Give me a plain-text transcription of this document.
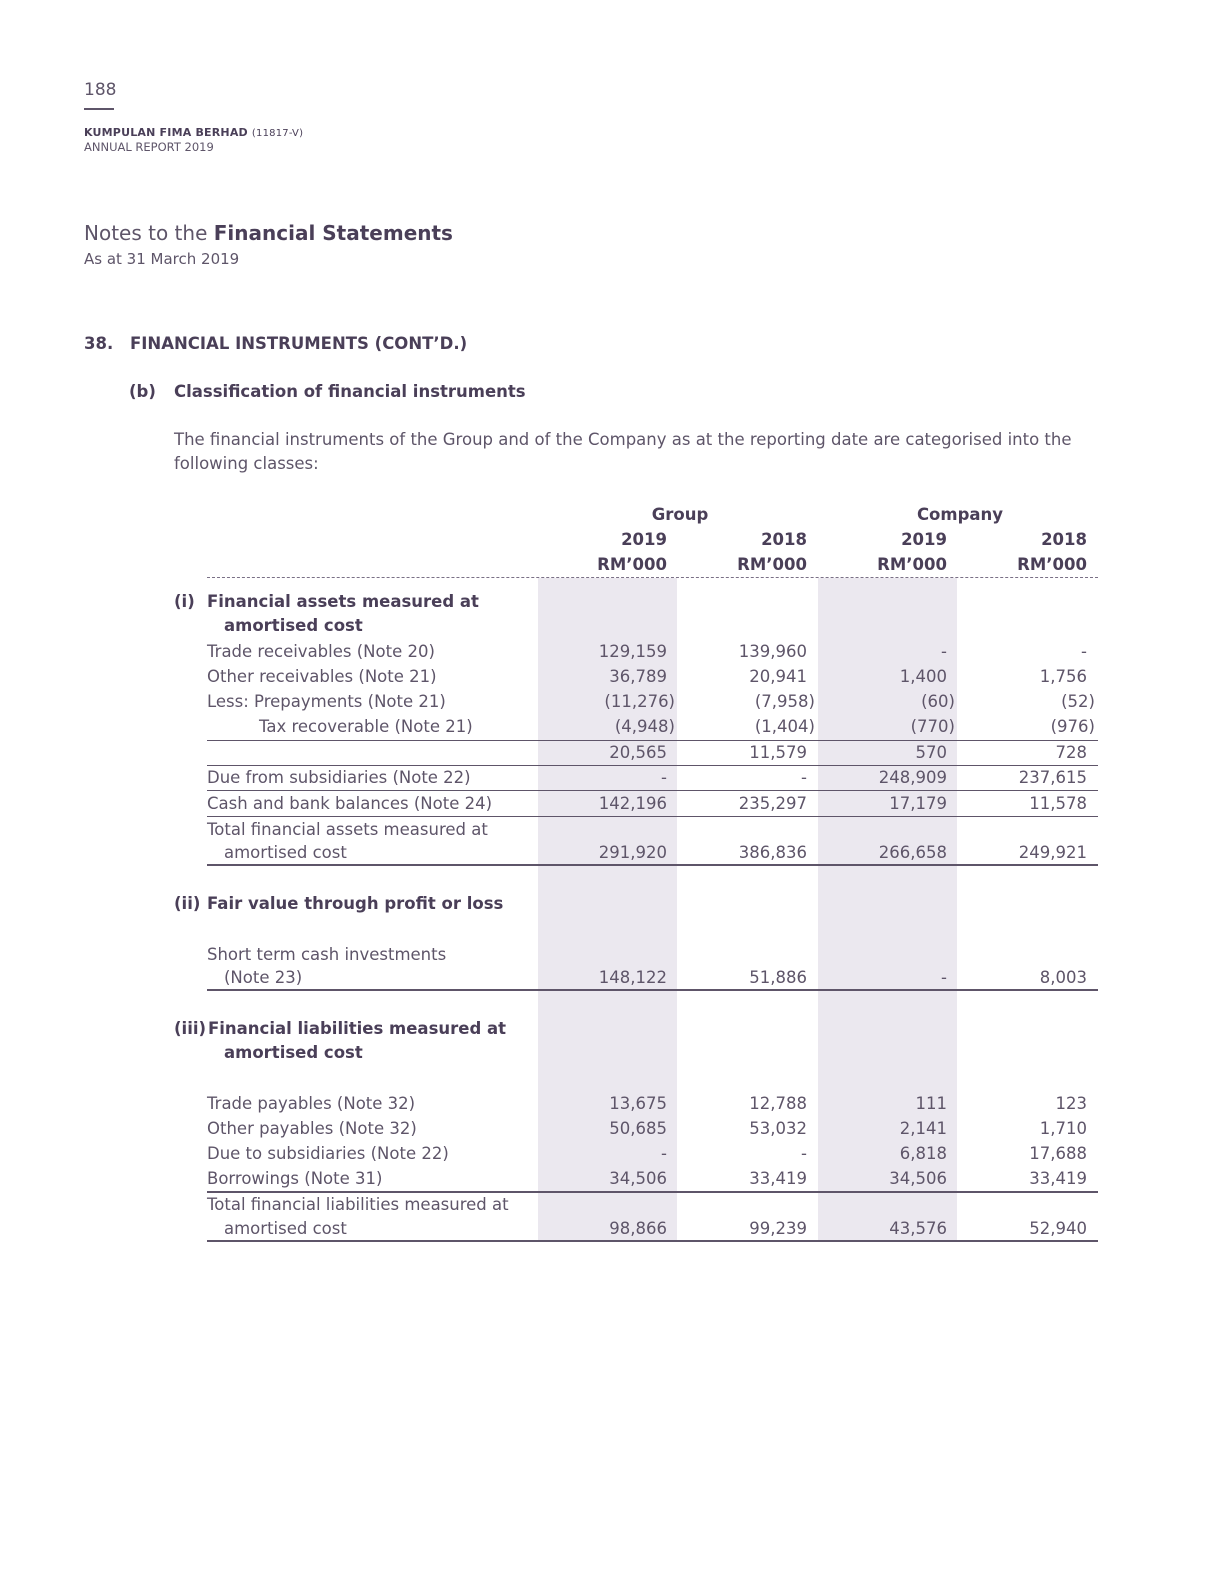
188
KUMPULAN FIMA BERHAD (11817-V)
ANNUAL REPORT 2019
Notes to the Financial Statements
As at 31 March 2019
38. FINANCIAL INSTRUMENTS (CONT’D.)
(b) Classification of financial instruments
The financial instruments of the Group and of the Company as at the reporting date are categorised into the following classes:
Group	Company
2019	2018	2019	2018
RM’000	RM’000	RM’000	RM’000
(i) Financial assets measured at
amortised cost
Trade receivables (Note 20)	129,159	139,960	-	-
Other receivables (Note 21)	36,789	20,941	1,400	1,756
Less: Prepayments (Note 21)	(11,276)	(7,958)	(60)	(52)
Tax recoverable (Note 21)	(4,948)	(1,404)	(770)	(976)
20,565	11,579	570	728
Due from subsidiaries (Note 22)	-	-	248,909	237,615
Cash and bank balances (Note 24)	142,196	235,297	17,179	11,578
Total financial assets measured at
amortised cost	291,920	386,836	266,658	249,921
(ii) Fair value through profit or loss
Short term cash investments
(Note 23)	148,122	51,886	-	8,003
(iii) Financial liabilities measured at
amortised cost
Trade payables (Note 32)	13,675	12,788	111	123
Other payables (Note 32)	50,685	53,032	2,141	1,710
Due to subsidiaries (Note 22)	-	-	6,818	17,688
Borrowings (Note 31)	34,506	33,419	34,506	33,419
Total financial liabilities measured at
amortised cost	98,866	99,239	43,576	52,940
